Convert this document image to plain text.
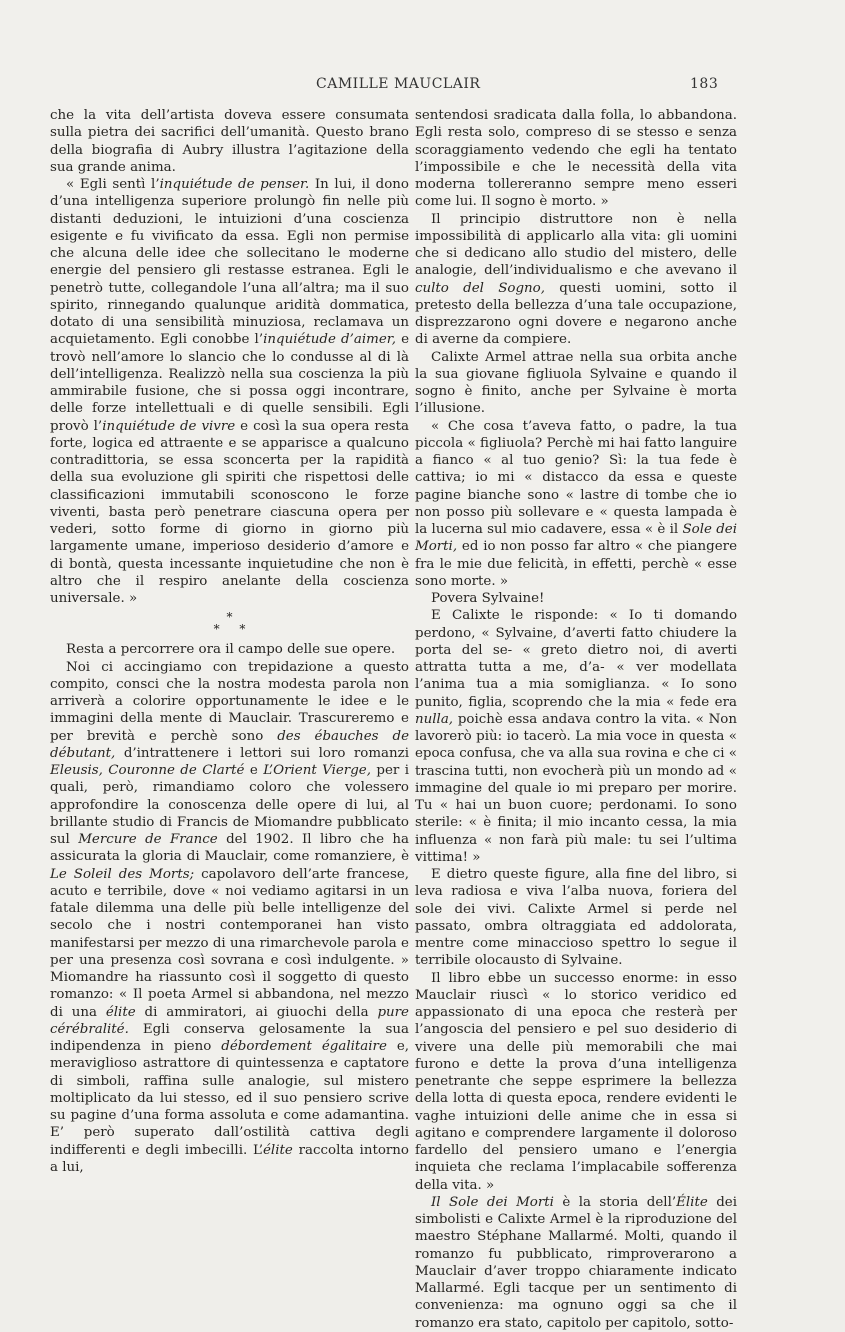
CAMILLE MAUCLAIR	183

che la vita dell’artista doveva essere consumata sulla pietra dei sacrifici dell’umanità. Questo brano della biografia di Aubry illustra l’agitazione della sua grande anima.

« Egli sentì l’inquiétude de penser. In lui, il dono d’una intelligenza superiore prolungò fin nelle più distanti deduzioni, le intuizioni d’una coscienza esigente e fu vivificato da essa. Egli non permise che alcuna delle idee che sollecitano le moderne energie del pensiero gli restasse estranea. Egli le penetrò tutte, collegandole l’una all’altra; ma il suo spirito, rinnegando qualunque aridità dommatica, dotato di una sensibilità minuziosa, reclamava un acquietamento. Egli conobbe l’inquiétude d’aimer, e trovò nell’amore lo slancio che lo condusse al di là dell’intelligenza. Realizzò nella sua coscienza la più ammirabile fusione, che si possa oggi incontrare, delle forze intellettuali e di quelle sensibili. Egli provò l’inquiétude de vivre e così la sua opera resta forte, logica ed attraente e se apparisce a qualcuno contradittoria, se essa sconcerta per la rapidità della sua evoluzione gli spiriti che rispettosi delle classificazioni immutabili sconoscono le forze viventi, basta però penetrare ciascuna opera per vederi, sotto forme di giorno in giorno più largamente umane, imperioso desiderio d’amore e di bontà, questa incessante inquietudine che non è altro che il respiro anelante della coscienza universale. »

*
* *

Resta a percorrere ora il campo delle sue opere.

Noi ci accingiamo con trepidazione a questo compito, consci che la nostra modesta parola non arriverà a colorire opportunamente le idee e le immagini della mente di Mauclair. Trascureremo e per brevità e perchè sono des ébauches de débutant, d’intrattenere i lettori sui loro romanzi Eleusis, Couronne de Clarté e L’Orient Vierge, per i quali, però, rimandiamo coloro che volessero approfondire la conoscenza delle opere di lui, al brillante studio di Francis de Miomandre pubblicato sul Mercure de France del 1902. Il libro che ha assicurata la gloria di Mauclair, come romanziere, è Le Soleil des Morts; capolavoro dell’arte francese, acuto e terribile, dove « noi vediamo agitarsi in un fatale dilemma una delle più belle intelligenze del secolo che i nostri contemporanei han visto manifestarsi per mezzo di una rimarchevole parola e per una presenza così sovrana e così indulgente. » Miomandre ha riassunto così il soggetto di questo romanzo: « Il poeta Armel si abbandona, nel mezzo di una élite di ammiratori, ai giuochi della pure cérébralité. Egli conserva gelosamente la sua indipendenza in pieno débordement égalitaire e, meraviglioso astrattore di quintessenza e captatore di simboli, raffina sulle analogie, sul mistero moltiplicato da lui stesso, ed il suo pensiero scrive su pagine d’una forma assoluta e come adamantina. E’ però superato dall’ostilità cattiva degli indifferenti e degli imbecilli. L’élite raccolta intorno a lui,

sentendosi sradicata dalla folla, lo abbandona. Egli resta solo, compreso di se stesso e senza scoraggiamento vedendo che egli ha tentato l’impossibile e che le necessità della vita moderna tollereranno sempre meno esseri come lui. Il sogno è morto. »

Il principio distruttore non è nella impossibilità di applicarlo alla vita: gli uomini che si dedicano allo studio del mistero, delle analogie, dell’individualismo e che avevano il culto del Sogno, questi uomini, sotto il pretesto della bellezza d’una tale occupazione, disprezzarono ogni dovere e negarono anche di averne da compiere.

Calixte Armel attrae nella sua orbita anche la sua giovane figliuola Sylvaine e quando il sogno è finito, anche per Sylvaine è morta l’illusione.

« Che cosa t’aveva fatto, o padre, la tua piccola « figliuola? Perchè mi hai fatto languire a fianco « al tuo genio? Sì: la tua fede è cattiva; io mi « distacco da essa e queste pagine bianche sono « lastre di tombe che io non posso più sollevare e « questa lampada è la lucerna sul mio cadavere, essa « è il Sole dei Morti, ed io non posso far altro « che piangere fra le mie due felicità, in effetti, perchè « esse sono morte. »

Povera Sylvaine!

E Calixte le risponde: « Io ti domando perdono, « Sylvaine, d’averti fatto chiudere la porta del se- « greto dietro noi, di averti attratta tutta a me, d’a- « ver modellata l’anima tua a mia somiglianza. « Io sono punito, figlia, scoprendo che la mia « fede era nulla, poichè essa andava contro la vita. « Non lavorerò più: io tacerò. La mia voce in questa « epoca confusa, che va alla sua rovina e che ci « trascina tutti, non evocherà più un mondo ad « immagine del quale io mi preparo per morire. Tu « hai un buon cuore; perdonami. Io sono sterile: « è finita; il mio incanto cessa, la mia influenza « non farà più male: tu sei l’ultima vittima! »

E dietro queste figure, alla fine del libro, si leva radiosa e viva l’alba nuova, foriera del sole dei vivi. Calixte Armel si perde nel passato, ombra oltraggiata ed addolorata, mentre come minaccioso spettro lo segue il terribile olocausto di Sylvaine.

Il libro ebbe un successo enorme: in esso Mauclair riuscì « lo storico veridico ed appassionato di una epoca che resterà per l’angoscia del pensiero e pel suo desiderio di vivere una delle più memorabili che mai furono e dette la prova d’una intelligenza penetrante che seppe esprimere la bellezza della lotta di questa epoca, rendere evidenti le vaghe intuizioni delle anime che in essa si agitano e comprendere largamente il doloroso fardello del pensiero umano e l’energia inquieta che reclama l’implacabile sofferenza della vita. »

Il Sole dei Morti è la storia dell’Élite dei simbolisti e Calixte Armel è la riproduzione del maestro Stéphane Mallarmé. Molti, quando il romanzo fu pubblicato, rimproverarono a Mauclair d’aver troppo chiaramente indicato Mallarmé. Egli tacque per un sentimento di convenienza: ma ognuno oggi sa che il romanzo era stato, capitolo per capitolo, sotto-
